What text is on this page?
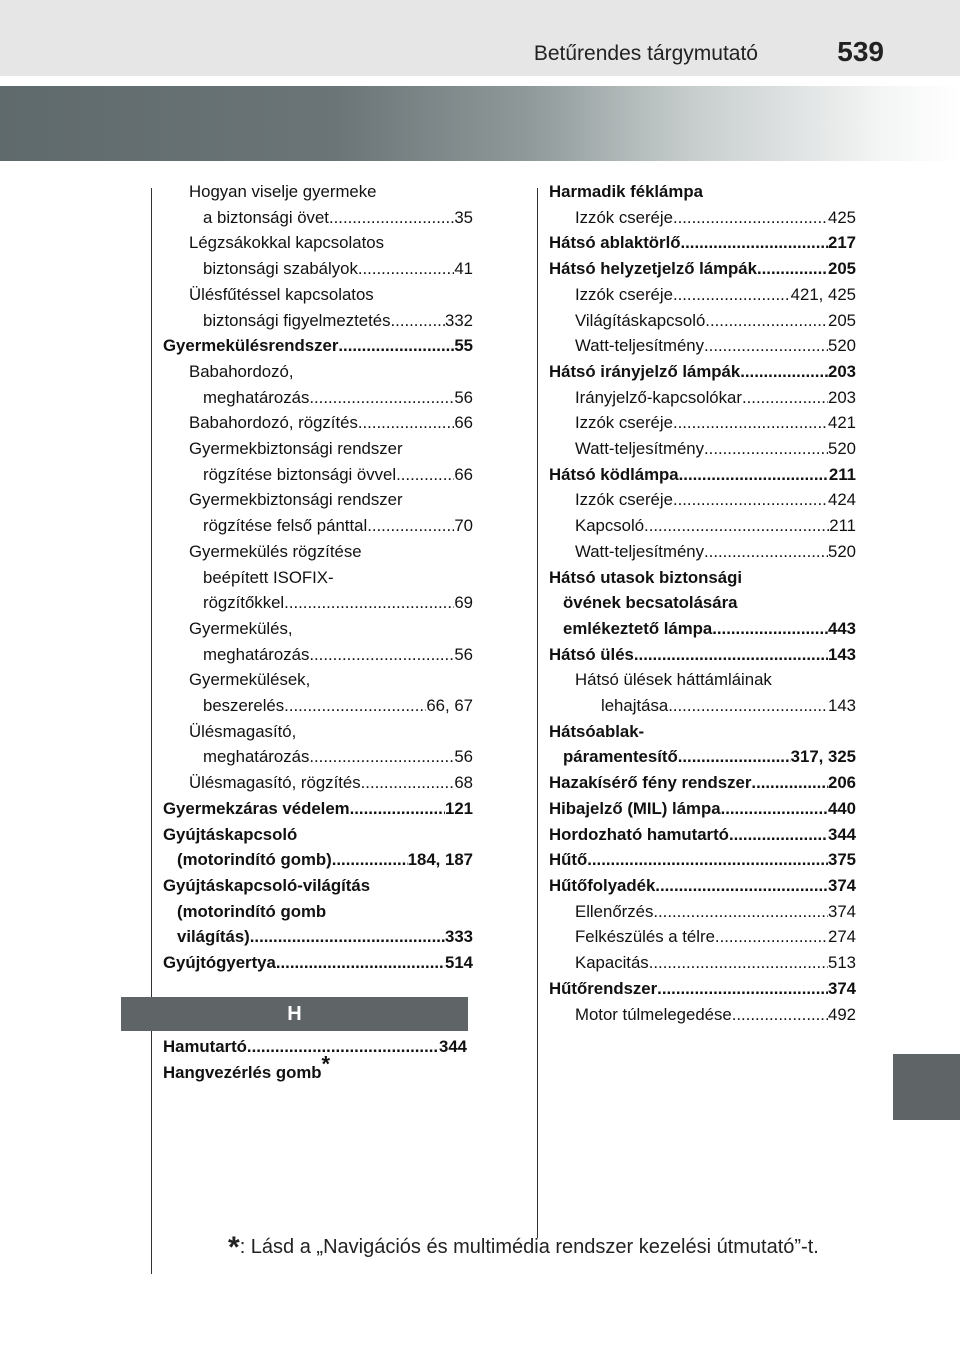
Betűrendes tárgymutató	539
Hogyan viselje gyermeke
a biztonsági övet .....	35
Légzsákokkal kapcsolatos
biztonsági szabályok .....	41
Ülésfűtéssel kapcsolatos
biztonsági figyelmeztetés .....	332
Gyermekülésrendszer .....	55
Babahordozó,
meghatározás .....	56
Babahordozó, rögzítés .....	66
Gyermekbiztonsági rendszer
rögzítése biztonsági övvel .....	66
Gyermekbiztonsági rendszer
rögzítése felső pánttal .....	70
Gyermekülés rögzítése
beépített ISOFIX-
rögzítőkkel .....	69
Gyermekülés,
meghatározás .....	56
Gyermekülések,
beszerelés .....	66, 67
Ülésmagasító,
meghatározás .....	56
Ülésmagasító, rögzítés .....	68
Gyermekzáras védelem .....	121
Gyújtáskapcsoló
(motorindító gomb) .....	184, 187
Gyújtáskapcsoló-világítás
(motorindító gomb
világítás) .....	333
Gyújtógyertya .....	514
Harmadik féklámpa
Izzók cseréje .....	425
Hátsó ablaktörlő .....	217
Hátsó helyzetjelző lámpák .....	205
Izzók cseréje .....	421, 425
Világításkapcsoló .....	205
Watt-teljesítmény .....	520
Hátsó irányjelző lámpák .....	203
Irányjelző-kapcsolókar .....	203
Izzók cseréje .....	421
Watt-teljesítmény .....	520
Hátsó ködlámpa .....	211
Izzók cseréje .....	424
Kapcsoló .....	211
Watt-teljesítmény .....	520
Hátsó utasok biztonsági
övének becsatolására
emlékeztető lámpa .....	443
Hátsó ülés .....	143
Hátsó ülések háttámláinak
lehajtása .....	143
Hátsóablak-
páramentesítő .....	317, 325
Hazakísérő fény rendszer .....	206
Hibajelző (MIL) lámpa .....	440
Hordozható hamutartó .....	344
Hűtő .....	375
Hűtőfolyadék .....	374
Ellenőrzés .....	374
Felkészülés a télre .....	274
Kapacitás .....	513
Hűtőrendszer .....	374
Motor túlmelegedése .....	492
H
Hamutartó .....	344
Hangvezérlés gomb*
*: Lásd a „Navigációs és multimédia rendszer kezelési útmutató”-t.
